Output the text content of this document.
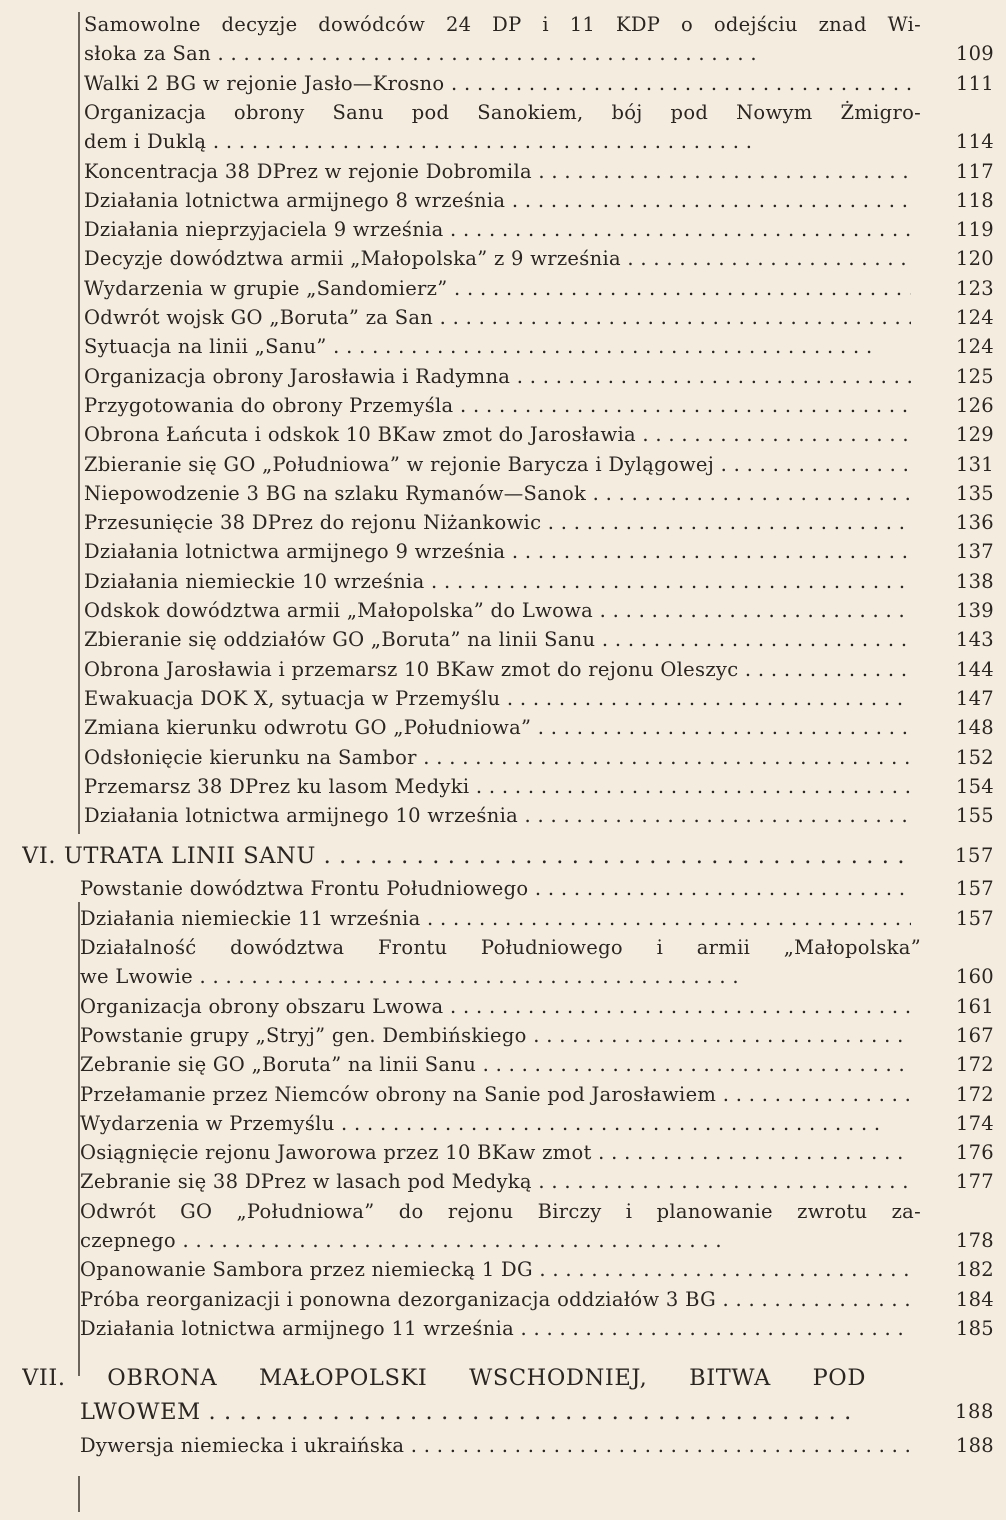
Samowolne decyzje dowódców 24 DP i 11 KDP o odejściu znad Wi-
słoka za San . .	109
Walki 2 BG w rejonie Jasło—Krosno . .	111
Organizacja obrony Sanu pod Sanokiem, bój pod Nowym Żmigro-
dem i Duklą . .	114
Koncentracja 38 DPrez w rejonie Dobromila . .	117
Działania lotnictwa armijnego 8 września . .	118
Działania nieprzyjaciela 9 września . .	119
Decyzje dowództwa armii „Małopolska” z 9 września . .	120
Wydarzenia w grupie „Sandomierz” . .	123
Odwrót wojsk GO „Boruta” za San . .	124
Sytuacja na linii „Sanu” . .	124
Organizacja obrony Jarosławia i Radymna . .	125
Przygotowania do obrony Przemyśla . .	126
Obrona Łańcuta i odskok 10 BKaw zmot do Jarosławia . .	129
Zbieranie się GO „Południowa” w rejonie Barycza i Dylągowej . .	131
Niepowodzenie 3 BG na szlaku Rymanów—Sanok . .	135
Przesunięcie 38 DPrez do rejonu Niżankowic . .	136
Działania lotnictwa armijnego 9 września . .	137
Działania niemieckie 10 września . .	138
Odskok dowództwa armii „Małopolska” do Lwowa . .	139
Zbieranie się oddziałów GO „Boruta” na linii Sanu . .	143
Obrona Jarosławia i przemarsz 10 BKaw zmot do rejonu Oleszyc . .	144
Ewakuacja DOK X, sytuacja w Przemyślu . .	147
Zmiana kierunku odwrotu GO „Południowa” . .	148
Odsłonięcie kierunku na Sambor . .	152
Przemarsz 38 DPrez ku lasom Medyki . .	154
Działania lotnictwa armijnego 10 września . .	155
VI. UTRATA LINII SANU . .	157
Powstanie dowództwa Frontu Południowego . .	157
Działania niemieckie 11 września . .	157
Działalność dowództwa Frontu Południowego i armii „Małopolska”
we Lwowie . .	160
Organizacja obrony obszaru Lwowa . .	161
Powstanie grupy „Stryj” gen. Dembińskiego . .	167
Zebranie się GO „Boruta” na linii Sanu . .	172
Przełamanie przez Niemców obrony na Sanie pod Jarosławiem . .	172
Wydarzenia w Przemyślu . .	174
Osiągnięcie rejonu Jaworowa przez 10 BKaw zmot . .	176
Zebranie się 38 DPrez w lasach pod Medyką . .	177
Odwrót GO „Południowa” do rejonu Birczy i planowanie zwrotu za-
czepnego . .	178
Opanowanie Sambora przez niemiecką 1 DG . .	182
Próba reorganizacji i ponowna dezorganizacja oddziałów 3 BG . .	184
Działania lotnictwa armijnego 11 września . .	185
VII. OBRONA MAŁOPOLSKI WSCHODNIEJ, BITWA POD
LWOWEM . .	188
Dywersja niemiecka i ukraińska . .	188
